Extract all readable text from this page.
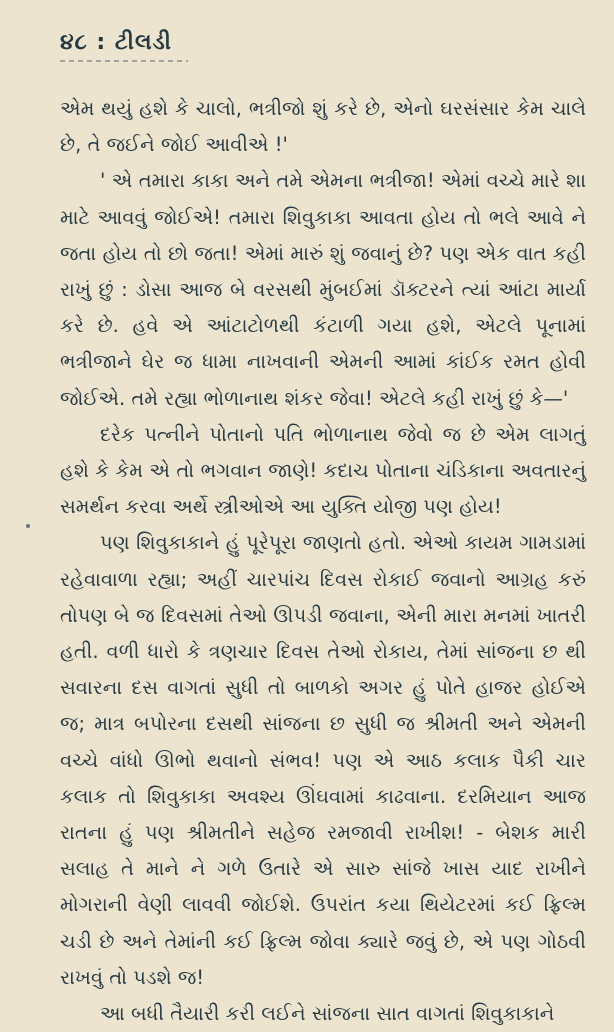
૪૮ : ટીલડી

એમ થયું હશે કે ચાલો, ભત્રીજો શું કરે છે, એનો ઘરસંસાર કેમ ચાલે છે, તે જઈને જોઈ આવીએ !'

' એ તમારા કાકા અને તમે એમના ભત્રીજા! એમાં વચ્ચે મારે શા માટે આવવું જોઈએ! તમારા શિવુકાકા આવતા હોય તો ભલે આવે ને જતા હોય તો છો જતા! એમાં મારું શું જવાનું છે? પણ એક વાત કહી રાખું છું : ડોસા આજ બે વરસથી મુંબઈમાં ડૉક્ટરને ત્યાં આંટા માર્યા કરે છે. હવે એ આંટાટોળથી કંટાળી ગયા હશે, એટલે પૂનામાં ભત્રીજાને ઘેર જ ધામા નાખવાની એમની આમાં કાંઈક રમત હોવી જોઈએ. તમે રહ્યા ભોળાનાથ શંકર જેવા! એટલે કહી રાખું છું કે—'

દરેક પત્નીને પોતાનો પતિ ભોળાનાથ જેવો જ છે એમ લાગતું હશે કે કેમ એ તો ભગવાન જાણે! કદાચ પોતાના ચંડિકાના અવતારનું સમર્થન કરવા અર્થે સ્ત્રીઓએ આ યુક્તિ યોજી પણ હોય!

પણ શિવુકાકાને હું પૂરેપૂરા જાણતો હતો. એઓ કાયમ ગામડામાં રહેવાવાળા રહ્યા; અહીં ચારપાંચ દિવસ રોકાઈ જવાનો આગ્રહ કરું તોપણ બે જ દિવસમાં તેઓ ઊપડી જવાના, એની મારા મનમાં ખાતરી હતી. વળી ધારો કે ત્રણચાર દિવસ તેઓ રોકાય, તેમાં સાંજના છ થી સવારના દસ વાગતાં સુધી તો બાળકો અગર હું પોતે હાજર હોઈએ જ; માત્ર બપોરના દસથી સાંજના છ સુધી જ શ્રીમતી અને એમની વચ્ચે વાંધો ઊભો થવાનો સંભવ! પણ એ આઠ કલાક પૈકી ચાર કલાક તો શિવુકાકા અવશ્ય ઊંઘવામાં કાઢવાના. દરમિયાન આજ રાતના હું પણ શ્રીમતીને સહેજ રમજાવી રાખીશ! - બેશક મારી સલાહ તે માને ને ગળે ઉતારે એ સારુ સાંજે ખાસ યાદ રાખીને મોગરાની વેણી લાવવી જોઈશે. ઉપરાંત કયા થિયેટરમાં કઈ ફ્રિલ્મ ચડી છે અને તેમાંની કઈ ફ્રિલ્મ જોવા ક્યારે જવું છે, એ પણ ગોઠવી રાખવું તો પડશે જ!

આ બધી તૈયારી કરી લઈને સાંજના સાત વાગતાં શિવુકાકાને
